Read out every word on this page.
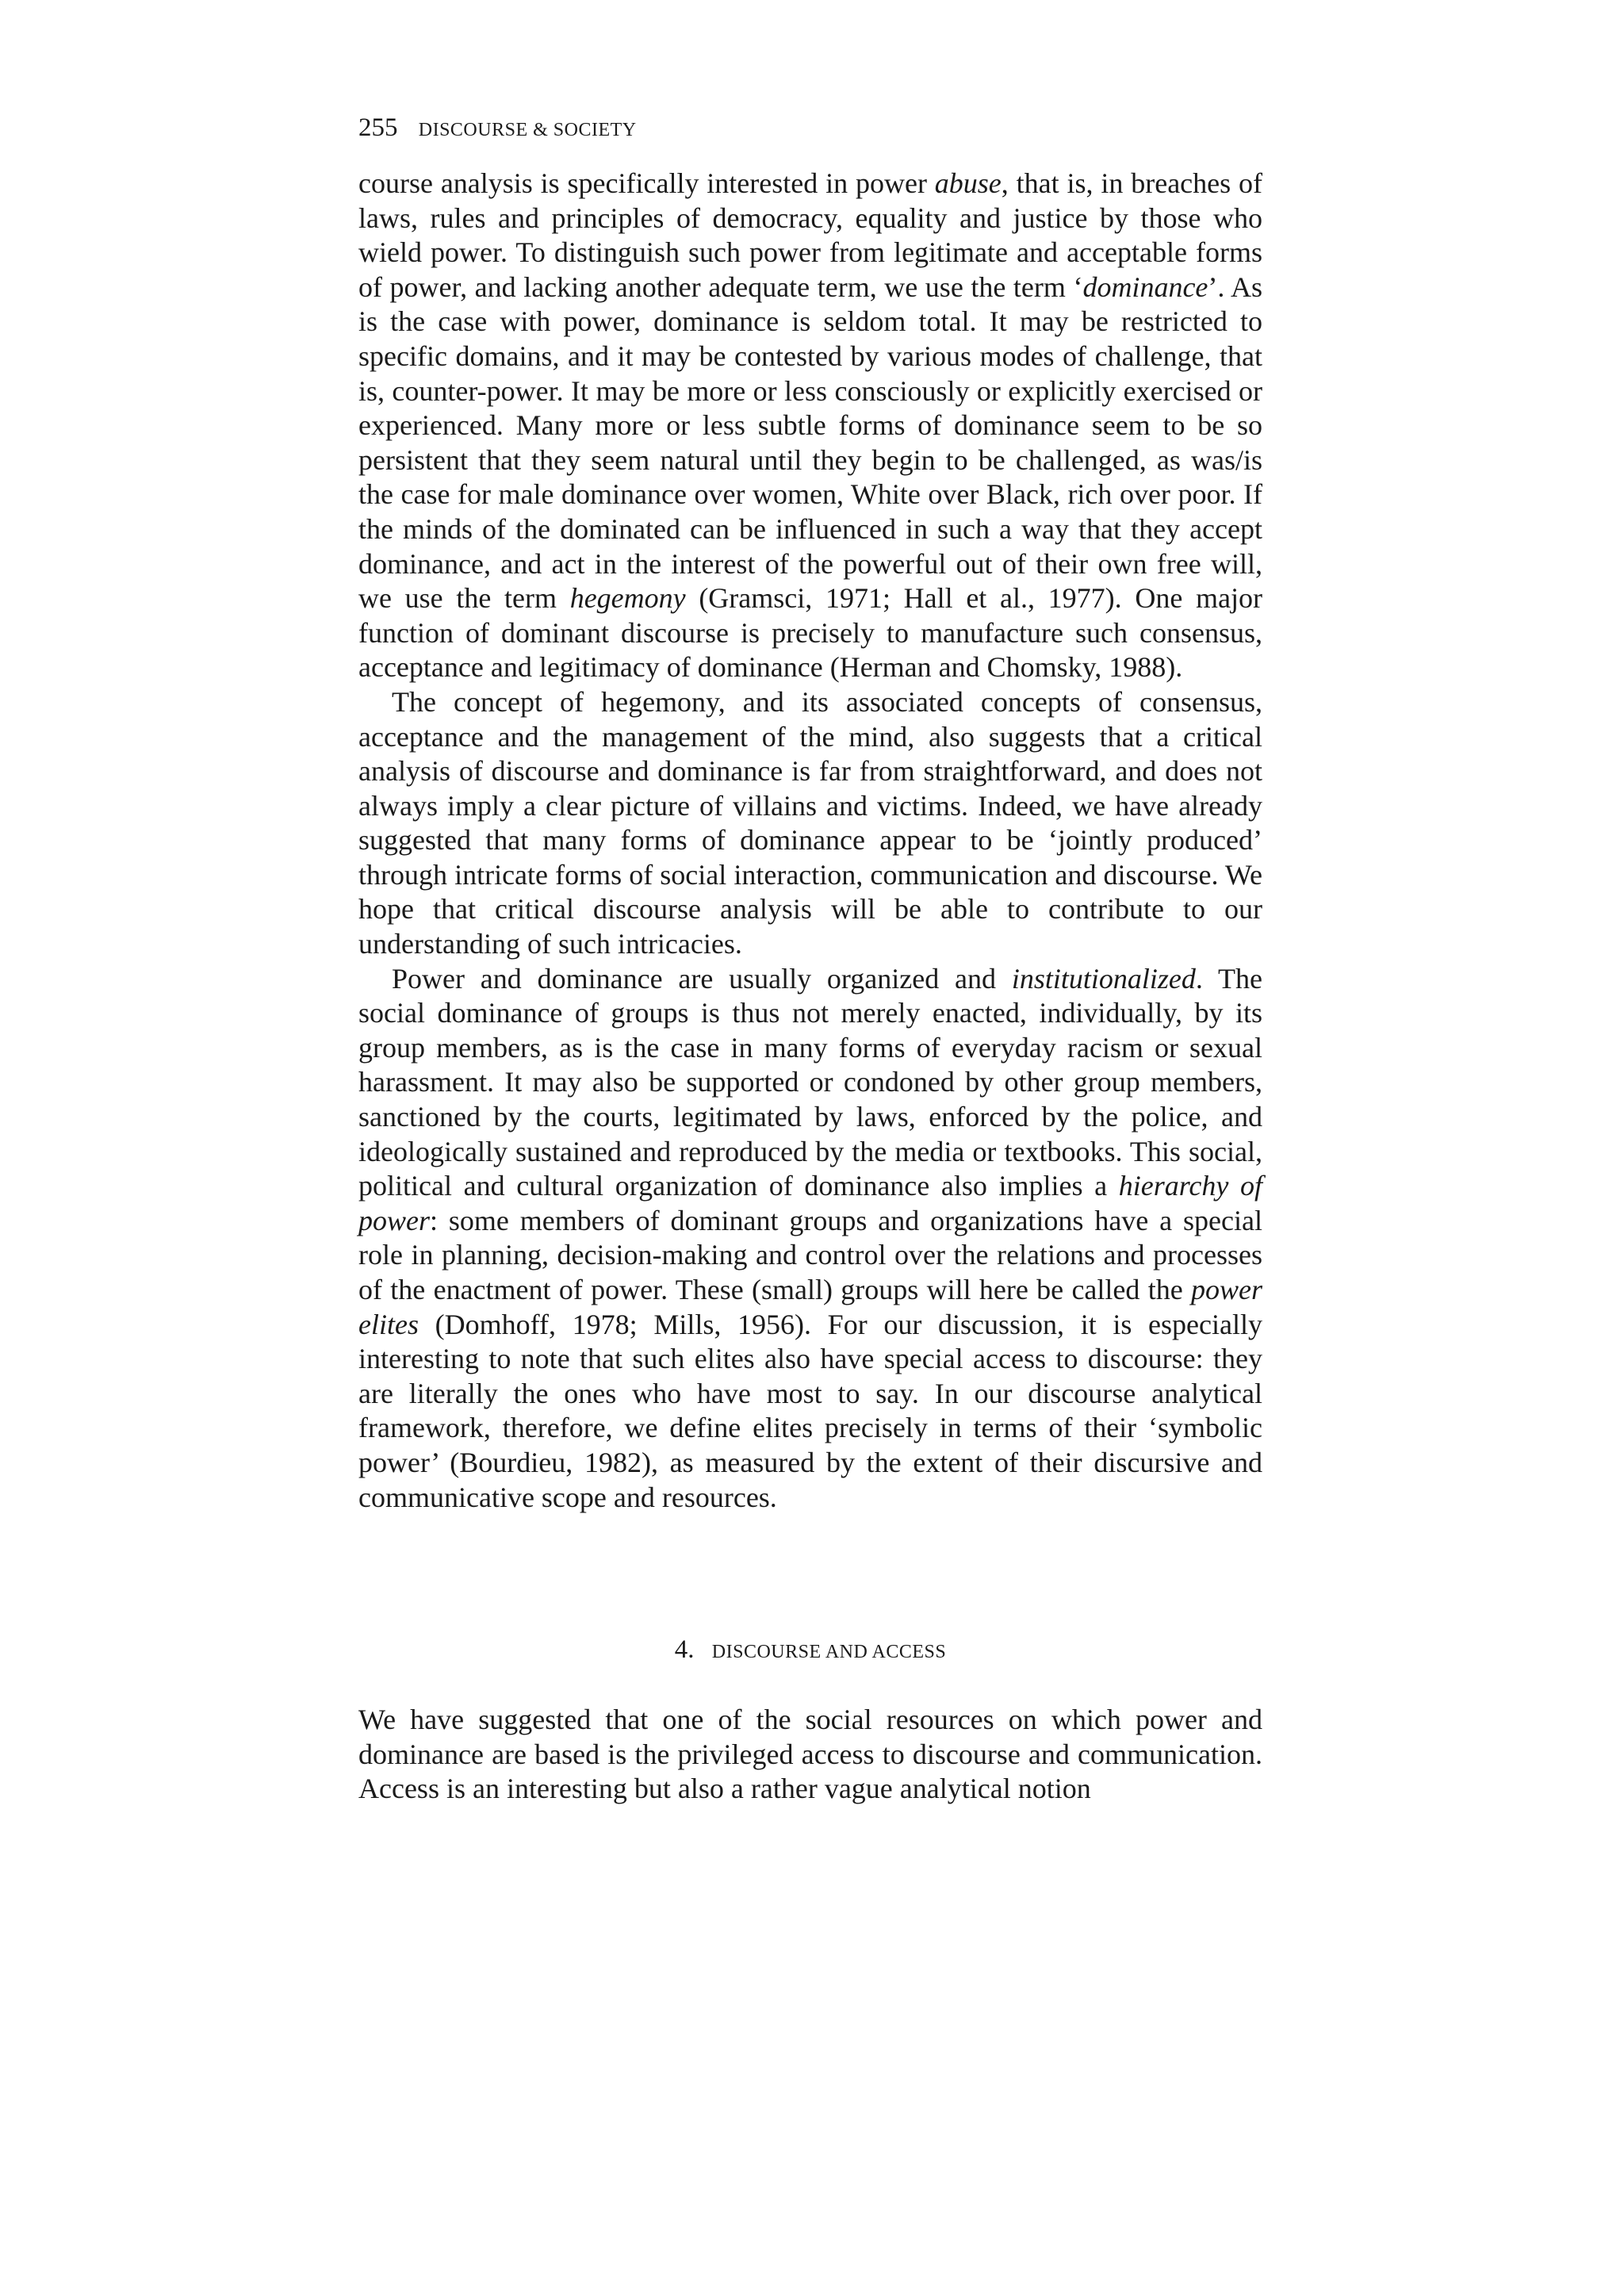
255 DISCOURSE & SOCIETY

course analysis is specifically interested in power abuse, that is, in breaches of laws, rules and principles of democracy, equality and justice by those who wield power. To distinguish such power from legitimate and acceptable forms of power, and lacking another adequate term, we use the term ‘dominance’. As is the case with power, dominance is seldom total. It may be restricted to specific domains, and it may be contested by various modes of challenge, that is, counter-power. It may be more or less consciously or explicitly exercised or experienced. Many more or less subtle forms of dominance seem to be so persistent that they seem natural until they begin to be challenged, as was/is the case for male dominance over women, White over Black, rich over poor. If the minds of the dominated can be influenced in such a way that they accept dominance, and act in the interest of the powerful out of their own free will, we use the term hegemony (Gramsci, 1971; Hall et al., 1977). One major function of dominant discourse is precisely to manufacture such consensus, acceptance and legitimacy of dominance (Herman and Chomsky, 1988).

The concept of hegemony, and its associated concepts of consensus, acceptance and the management of the mind, also suggests that a critical analysis of discourse and dominance is far from straightforward, and does not always imply a clear picture of villains and victims. Indeed, we have already suggested that many forms of dominance appear to be ‘jointly produced’ through intricate forms of social interaction, communication and discourse. We hope that critical discourse analysis will be able to contribute to our understanding of such intricacies.

Power and dominance are usually organized and institutionalized. The social dominance of groups is thus not merely enacted, individually, by its group members, as is the case in many forms of everyday racism or sexual harassment. It may also be supported or condoned by other group members, sanctioned by the courts, legitimated by laws, enforced by the police, and ideologically sustained and reproduced by the media or textbooks. This social, political and cultural organization of dominance also implies a hierarchy of power: some members of dominant groups and organizations have a special role in planning, decision-making and control over the relations and processes of the enactment of power. These (small) groups will here be called the power elites (Domhoff, 1978; Mills, 1956). For our discussion, it is especially interesting to note that such elites also have special access to discourse: they are literally the ones who have most to say. In our discourse analytical framework, therefore, we define elites precisely in terms of their ‘symbolic power’ (Bourdieu, 1982), as measured by the extent of their discursive and communicative scope and resources.

4. DISCOURSE AND ACCESS

We have suggested that one of the social resources on which power and dominance are based is the privileged access to discourse and communication. Access is an interesting but also a rather vague analytical notion
